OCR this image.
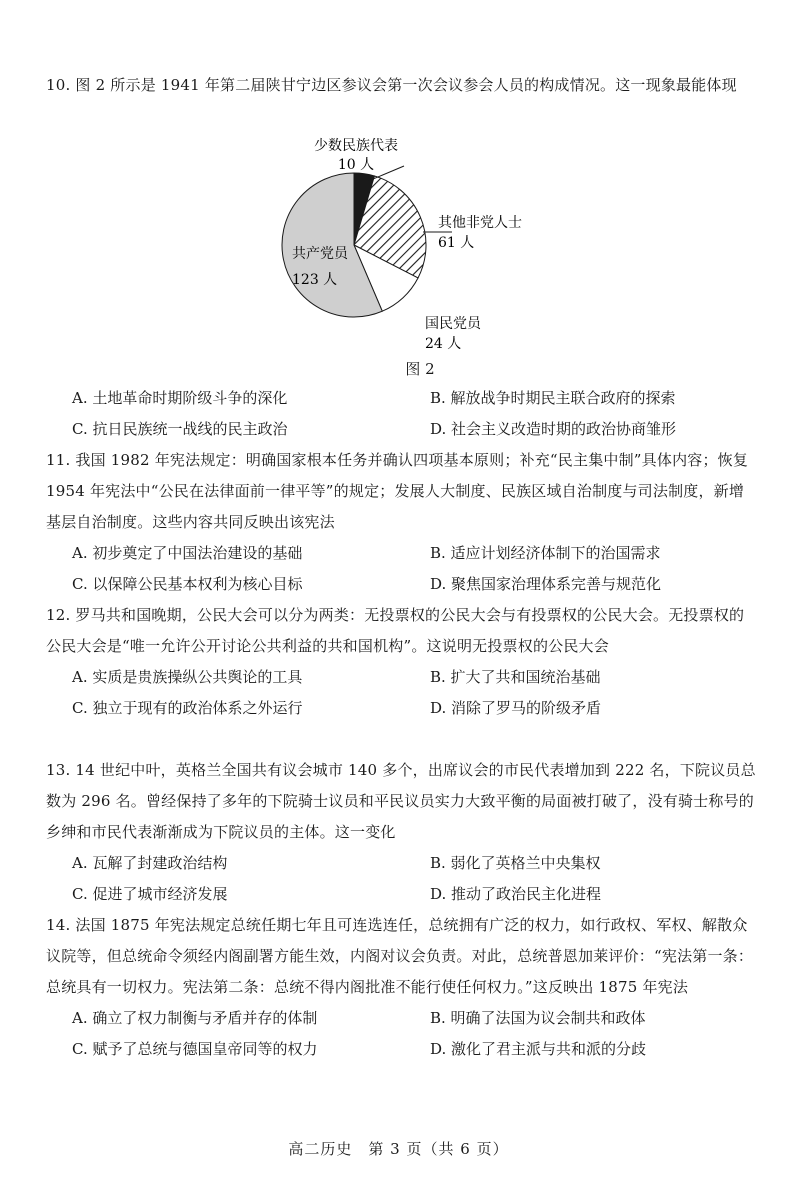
10. 图 2 所示是 1941 年第二届陕甘宁边区参议会第一次会议参会人员的构成情况。这一现象最能体现

少数民族代表
10 人
其他非党人士
61 人
国民党员
24 人
共产党员
123 人
图 2
A. 土地革命时期阶级斗争的深化	B. 解放战争时期民主联合政府的探索
C. 抗日民族统一战线的民主政治	D. 社会主义改造时期的政治协商雏形

11. 我国 1982 年宪法规定：明确国家根本任务并确认四项基本原则；补充“民主集中制”具体内容；恢复 1954 年宪法中“公民在法律面前一律平等”的规定；发展人大制度、民族区域自治制度与司法制度，新增基层自治制度。这些内容共同反映出该宪法

A. 初步奠定了中国法治建设的基础	B. 适应计划经济体制下的治国需求
C. 以保障公民基本权利为核心目标	D. 聚焦国家治理体系完善与规范化

12. 罗马共和国晚期，公民大会可以分为两类：无投票权的公民大会与有投票权的公民大会。无投票权的公民大会是“唯一允许公开讨论公共利益的共和国机构”。这说明无投票权的公民大会

A. 实质是贵族操纵公共舆论的工具	B. 扩大了共和国统治基础
C. 独立于现有的政治体系之外运行	D. 消除了罗马的阶级矛盾

13. 14 世纪中叶，英格兰全国共有议会城市 140 多个，出席议会的市民代表增加到 222 名，下院议员总数为 296 名。曾经保持了多年的下院骑士议员和平民议员实力大致平衡的局面被打破了，没有骑士称号的乡绅和市民代表渐渐成为下院议员的主体。这一变化

A. 瓦解了封建政治结构	B. 弱化了英格兰中央集权
C. 促进了城市经济发展	D. 推动了政治民主化进程

14. 法国 1875 年宪法规定总统任期七年且可连选连任，总统拥有广泛的权力，如行政权、军权、解散众议院等，但总统命令须经内阁副署方能生效，内阁对议会负责。对此，总统普恩加莱评价：“宪法第一条：总统具有一切权力。宪法第二条：总统不得内阁批准不能行使任何权力。”这反映出 1875 年宪法

A. 确立了权力制衡与矛盾并存的体制	B. 明确了法国为议会制共和政体
C. 赋予了总统与德国皇帝同等的权力	D. 激化了君主派与共和派的分歧
高二历史　第 3 页（共 6 页）
